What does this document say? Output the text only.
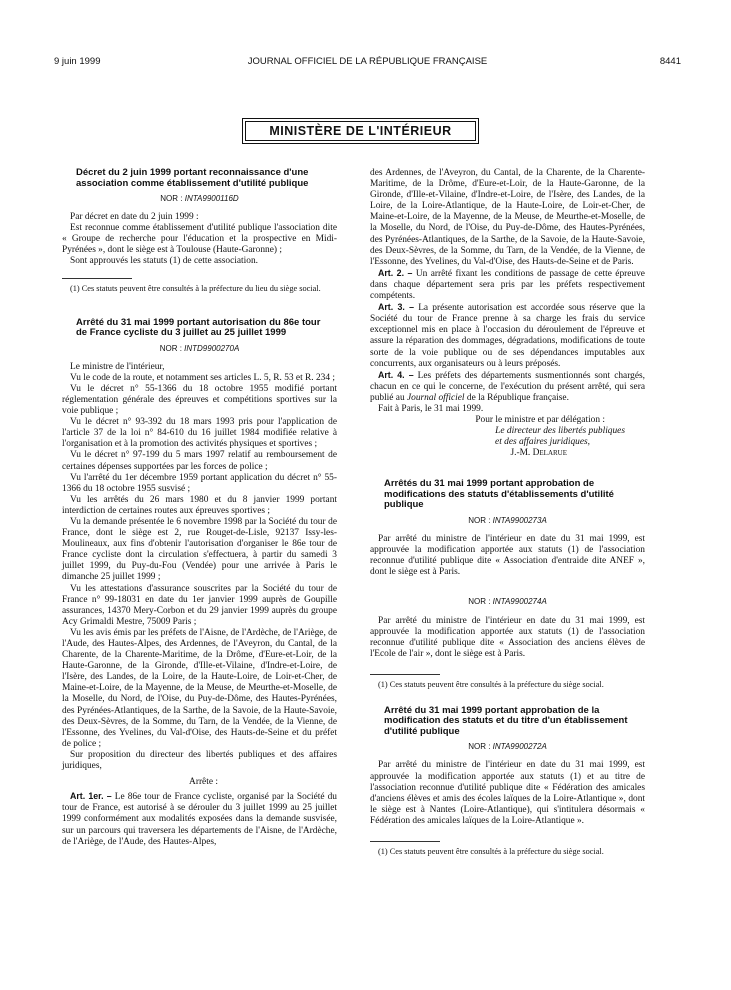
9 juin 1999	JOURNAL OFFICIEL DE LA RÉPUBLIQUE FRANÇAISE	8441
MINISTÈRE DE L'INTÉRIEUR
Décret du 2 juin 1999 portant reconnaissance d'une association comme établissement d'utilité publique
NOR : INTA9900116D

Par décret en date du 2 juin 1999 :

Est reconnue comme établissement d'utilité publique l'association dite « Groupe de recherche pour l'éducation et la prospective en Midi-Pyrénées », dont le siège est à Toulouse (Haute-Garonne) ;

Sont approuvés les statuts (1) de cette association.

(1) Ces statuts peuvent être consultés à la préfecture du lieu du siège social.

Arrêté du 31 mai 1999 portant autorisation du 86e tour de France cycliste du 3 juillet au 25 juillet 1999
NOR : INTD9900270A

Le ministre de l'intérieur,

Vu le code de la route, et notamment ses articles L. 5, R. 53 et R. 234 ;

Vu le décret n° 55-1366 du 18 octobre 1955 modifié portant réglementation générale des épreuves et compétitions sportives sur la voie publique ;

Vu le décret n° 93-392 du 18 mars 1993 pris pour l'application de l'article 37 de la loi n° 84-610 du 16 juillet 1984 modifiée relative à l'organisation et à la promotion des activités physiques et sportives ;

Vu le décret n° 97-199 du 5 mars 1997 relatif au remboursement de certaines dépenses supportées par les forces de police ;

Vu l'arrêté du 1er décembre 1959 portant application du décret n° 55-1366 du 18 octobre 1955 susvisé ;

Vu les arrêtés du 26 mars 1980 et du 8 janvier 1999 portant interdiction de certaines routes aux épreuves sportives ;

Vu la demande présentée le 6 novembre 1998 par la Société du tour de France, dont le siège est 2, rue Rouget-de-Lisle, 92137 Issy-les-Moulineaux, aux fins d'obtenir l'autorisation d'organiser le 86e tour de France cycliste dont la circulation s'effectuera, à partir du samedi 3 juillet 1999, du Puy-du-Fou (Vendée) pour une arrivée à Paris le dimanche 25 juillet 1999 ;

Vu les attestations d'assurance souscrites par la Société du tour de France n° 99-18031 en date du 1er janvier 1999 auprès de Goupille assurances, 14370 Mery-Corbon et du 29 janvier 1999 auprès du groupe Acy Grimaldi Mestre, 75009 Paris ;

Vu les avis émis par les préfets de l'Aisne, de l'Ardèche, de l'Ariège, de l'Aude, des Hautes-Alpes, des Ardennes, de l'Aveyron, du Cantal, de la Charente, de la Charente-Maritime, de la Drôme, d'Eure-et-Loir, de la Haute-Garonne, de la Gironde, d'Ille-et-Vilaine, d'Indre-et-Loire, de l'Isère, des Landes, de la Loire, de la Haute-Loire, de Loir-et-Cher, de Maine-et-Loire, de la Mayenne, de la Meuse, de Meurthe-et-Moselle, de la Moselle, du Nord, de l'Oise, du Puy-de-Dôme, des Hautes-Pyrénées, des Pyrénées-Atlantiques, de la Sarthe, de la Savoie, de la Haute-Savoie, des Deux-Sèvres, de la Somme, du Tarn, de la Vendée, de la Vienne, de l'Essonne, des Yvelines, du Val-d'Oise, des Hauts-de-Seine et du préfet de police ;

Sur proposition du directeur des libertés publiques et des affaires juridiques,

Arrête :

Art. 1er. – Le 86e tour de France cycliste, organisé par la Société du tour de France, est autorisé à se dérouler du 3 juillet 1999 au 25 juillet 1999 conformément aux modalités exposées dans la demande susvisée, sur un parcours qui traversera les départements de l'Aisne, de l'Ardèche, de l'Ariège, de l'Aude, des Hautes-Alpes,

des Ardennes, de l'Aveyron, du Cantal, de la Charente, de la Charente-Maritime, de la Drôme, d'Eure-et-Loir, de la Haute-Garonne, de la Gironde, d'Ille-et-Vilaine, d'Indre-et-Loire, de l'Isère, des Landes, de la Loire, de la Loire-Atlantique, de la Haute-Loire, de Loir-et-Cher, de Maine-et-Loire, de la Mayenne, de la Meuse, de Meurthe-et-Moselle, de la Moselle, du Nord, de l'Oise, du Puy-de-Dôme, des Hautes-Pyrénées, des Pyrénées-Atlantiques, de la Sarthe, de la Savoie, de la Haute-Savoie, des Deux-Sèvres, de la Somme, du Tarn, de la Vendée, de la Vienne, de l'Essonne, des Yvelines, du Val-d'Oise, des Hauts-de-Seine et de Paris.

Art. 2. – Un arrêté fixant les conditions de passage de cette épreuve dans chaque département sera pris par les préfets respectivement compétents.

Art. 3. – La présente autorisation est accordée sous réserve que la Société du tour de France prenne à sa charge les frais du service exceptionnel mis en place à l'occasion du déroulement de l'épreuve et assure la réparation des dommages, dégradations, modifications de toute sorte de la voie publique ou de ses dépendances imputables aux concurrents, aux organisateurs ou à leurs préposés.

Art. 4. – Les préfets des départements susmentionnés sont chargés, chacun en ce qui le concerne, de l'exécution du présent arrêté, qui sera publié au Journal officiel de la République française.

Fait à Paris, le 31 mai 1999.

Pour le ministre et par délégation :

Le directeur des libertés publiques

et des affaires juridiques,

J.-M. Delarue

Arrêtés du 31 mai 1999 portant approbation de modifications des statuts d'établissements d'utilité publique
NOR : INTA9900273A

Par arrêté du ministre de l'intérieur en date du 31 mai 1999, est approuvée la modification apportée aux statuts (1) de l'association reconnue d'utilité publique dite « Association d'entraide dite ANEF », dont le siège est à Paris.

NOR : INTA9900274A

Par arrêté du ministre de l'intérieur en date du 31 mai 1999, est approuvée la modification apportée aux statuts (1) de l'association reconnue d'utilité publique dite « Association des anciens élèves de l'Ecole de l'air », dont le siège est à Paris.

(1) Ces statuts peuvent être consultés à la préfecture du siège social.

Arrêté du 31 mai 1999 portant approbation de la modification des statuts et du titre d'un établissement d'utilité publique
NOR : INTA9900272A

Par arrêté du ministre de l'intérieur en date du 31 mai 1999, est approuvée la modification apportée aux statuts (1) et au titre de l'association reconnue d'utilité publique dite « Fédération des amicales d'anciens élèves et amis des écoles laïques de la Loire-Atlantique », dont le siège est à Nantes (Loire-Atlantique), qui s'intitulera désormais « Fédération des amicales laïques de la Loire-Atlantique ».

(1) Ces statuts peuvent être consultés à la préfecture du siège social.
